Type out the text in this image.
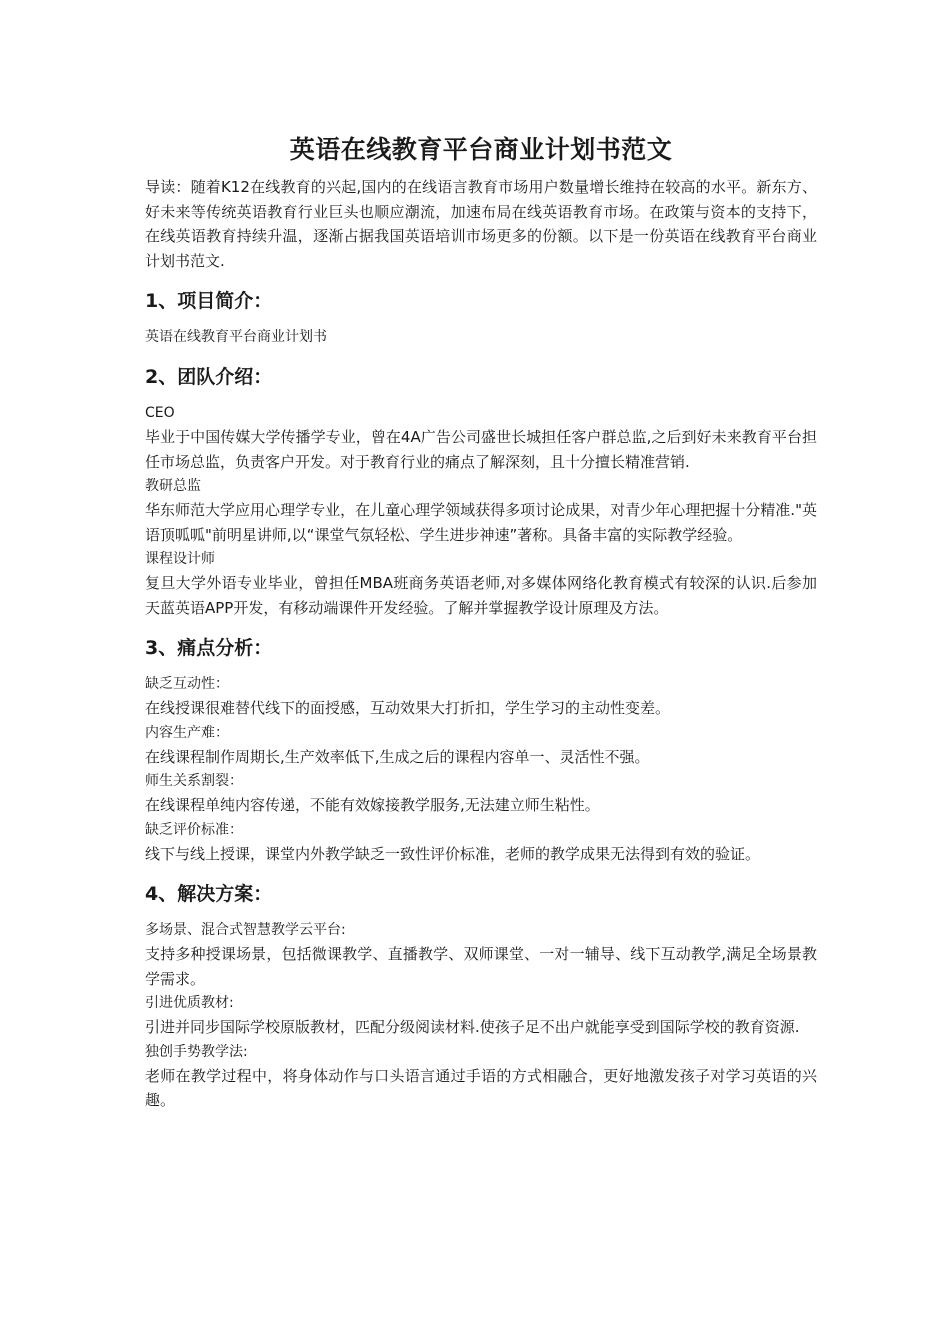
英语在线教育平台商业计划书范文

导读：随着K12在线教育的兴起,国内的在线语言教育市场用户数量增长维持在较高的水平。新东方、好未来等传统英语教育行业巨头也顺应潮流，加速布局在线英语教育市场。在政策与资本的支持下，在线英语教育持续升温，逐渐占据我国英语培训市场更多的份额。以下是一份英语在线教育平台商业计划书范文.

1、项目简介：

英语在线教育平台商业计划书

2、团队介绍：

CEO

毕业于中国传媒大学传播学专业，曾在4A广告公司盛世长城担任客户群总监,之后到好未来教育平台担任市场总监，负责客户开发。对于教育行业的痛点了解深刻，且十分擅长精准营销.

教研总监

华东师范大学应用心理学专业，在儿童心理学领域获得多项讨论成果，对青少年心理把握十分精准."英语顶呱呱"前明星讲师,以“课堂气氛轻松、学生进步神速”著称。具备丰富的实际教学经验。

课程设计师

复旦大学外语专业毕业，曾担任MBA班商务英语老师,对多媒体网络化教育模式有较深的认识.后参加天蓝英语APP开发，有移动端课件开发经验。了解并掌握教学设计原理及方法。

3、痛点分析：

缺乏互动性：

在线授课很难替代线下的面授感，互动效果大打折扣，学生学习的主动性变差。

内容生产难：

在线课程制作周期长,生产效率低下,生成之后的课程内容单一、灵活性不强。

师生关系割裂：

在线课程单纯内容传递，不能有效嫁接教学服务,无法建立师生粘性。

缺乏评价标准：

线下与线上授课，课堂内外教学缺乏一致性评价标准，老师的教学成果无法得到有效的验证。

4、解决方案：

多场景、混合式智慧教学云平台:

支持多种授课场景，包括微课教学、直播教学、双师课堂、一对一辅导、线下互动教学,满足全场景教学需求。

引进优质教材:

引进并同步国际学校原版教材，匹配分级阅读材料.使孩子足不出户就能享受到国际学校的教育资源.

独创手势教学法:

老师在教学过程中，将身体动作与口头语言通过手语的方式相融合，更好地激发孩子对学习英语的兴趣。
